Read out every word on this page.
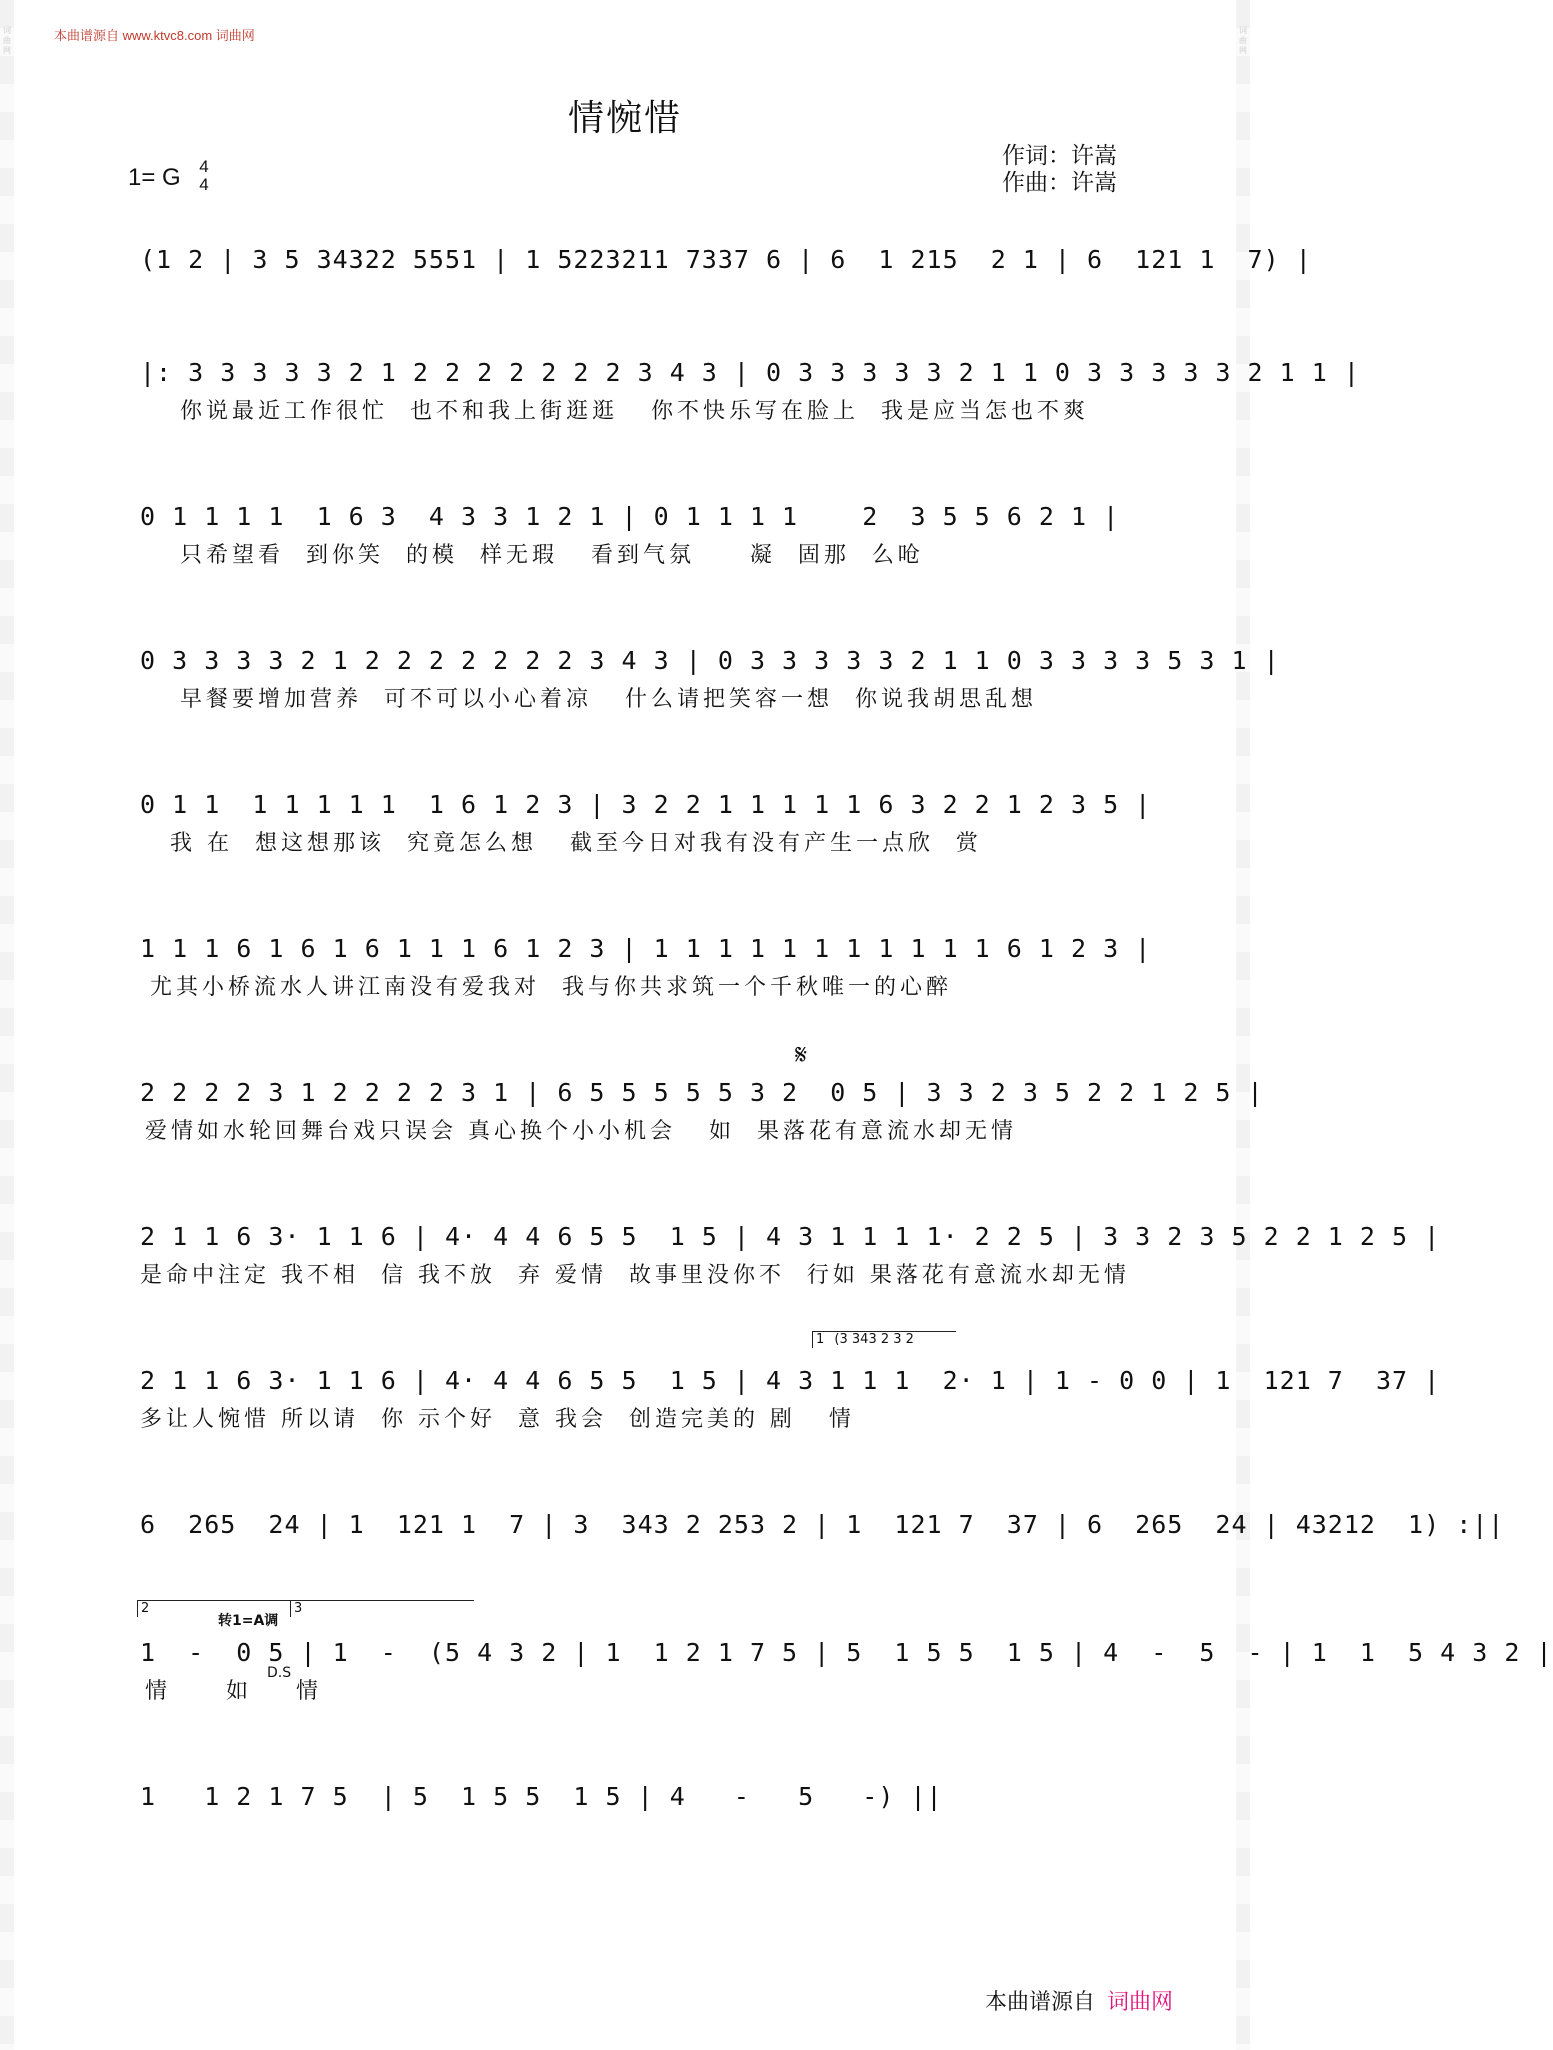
词曲网
词曲网
本曲谱源自 www.ktvc8.com 词曲网
情惋惜
1= G	4
4
作词：许嵩
作曲：许嵩
(1 2 | 3 5 34322 5551 | 1 5223211 7337 6 | 6  1 215  2 1 | 6  121 1  7) |
|: 3 3 3 3 3 2 1 2 2 2 2 2 2 2 3 4 3 | 0 3 3 3 3 3 2 1 1 0 3 3 3 3 3 2 1 1 |
你说最近工作很忙  也不和我上街逛逛   你不快乐写在脸上  我是应当怎也不爽
0 1 1 1 1  1 6 3  4 3 3 1 2 1 | 0 1 1 1 1    2  3 5 5 6 2 1 |
只希望看  到你笑  的模  样无瑕   看到气氛     凝  固那  么呛
0 3 3 3 3 2 1 2 2 2 2 2 2 2 3 4 3 | 0 3 3 3 3 3 2 1 1 0 3 3 3 3 5 3 1 |
早餐要增加营养  可不可以小心着凉   什么请把笑容一想  你说我胡思乱想
0 1 1  1 1 1 1 1  1 6 1 2 3 | 3 2 2 1 1 1 1 1 6 3 2 2 1 2 3 5 |
我 在  想这想那该  究竟怎么想   截至今日对我有没有产生一点欣  赏
1 1 1 6 1 6 1 6 1 1 1 6 1 2 3 | 1 1 1 1 1 1 1 1 1 1 1 6 1 2 3 |
尤其小桥流水人讲江南没有爱我对  我与你共求筑一个千秋唯一的心醉
𝄋
2 2 2 2 3 1 2 2 2 2 3 1 | 6 5 5 5 5 5 3 2  0 5 | 3 3 2 3 5 2 2 1 2 5 |
爱情如水轮回舞台戏只误会 真心换个小小机会   如  果落花有意流水却无情
2 1 1 6 3· 1 1 6 | 4· 4 4 6 5 5  1 5 | 4 3 1 1 1 1· 2 2 5 | 3 3 2 3 5 2 2 1 2 5 |
是命中注定 我不相  信 我不放  弃 爱情  故事里没你不  行如 果落花有意流水却无情
1 (3 343 2 3 2
2 1 1 6 3· 1 1 6 | 4· 4 4 6 5 5  1 5 | 4 3 1 1 1  2· 1 | 1 - 0 0 | 1  121 7  37 |
多让人惋惜 所以请  你 示个好  意 我会  创造完美的 剧   情
6  265  24 | 1  121 1  7 | 3  343 2 253 2 | 1  121 7  37 | 6  265  24 | 43212  1) :||
2
转1=A调
3
1  -  0 5 | 1  -  (5 4 3 2 | 1  1 2 1 7 5 | 5  1 5 5  1 5 | 4  -  5  - | 1  1  5 4 3 2 |
情     如    情
D.S
1   1 2 1 7 5  | 5  1 5 5  1 5 | 4   -   5   -) ||
本曲谱源自 词曲网
